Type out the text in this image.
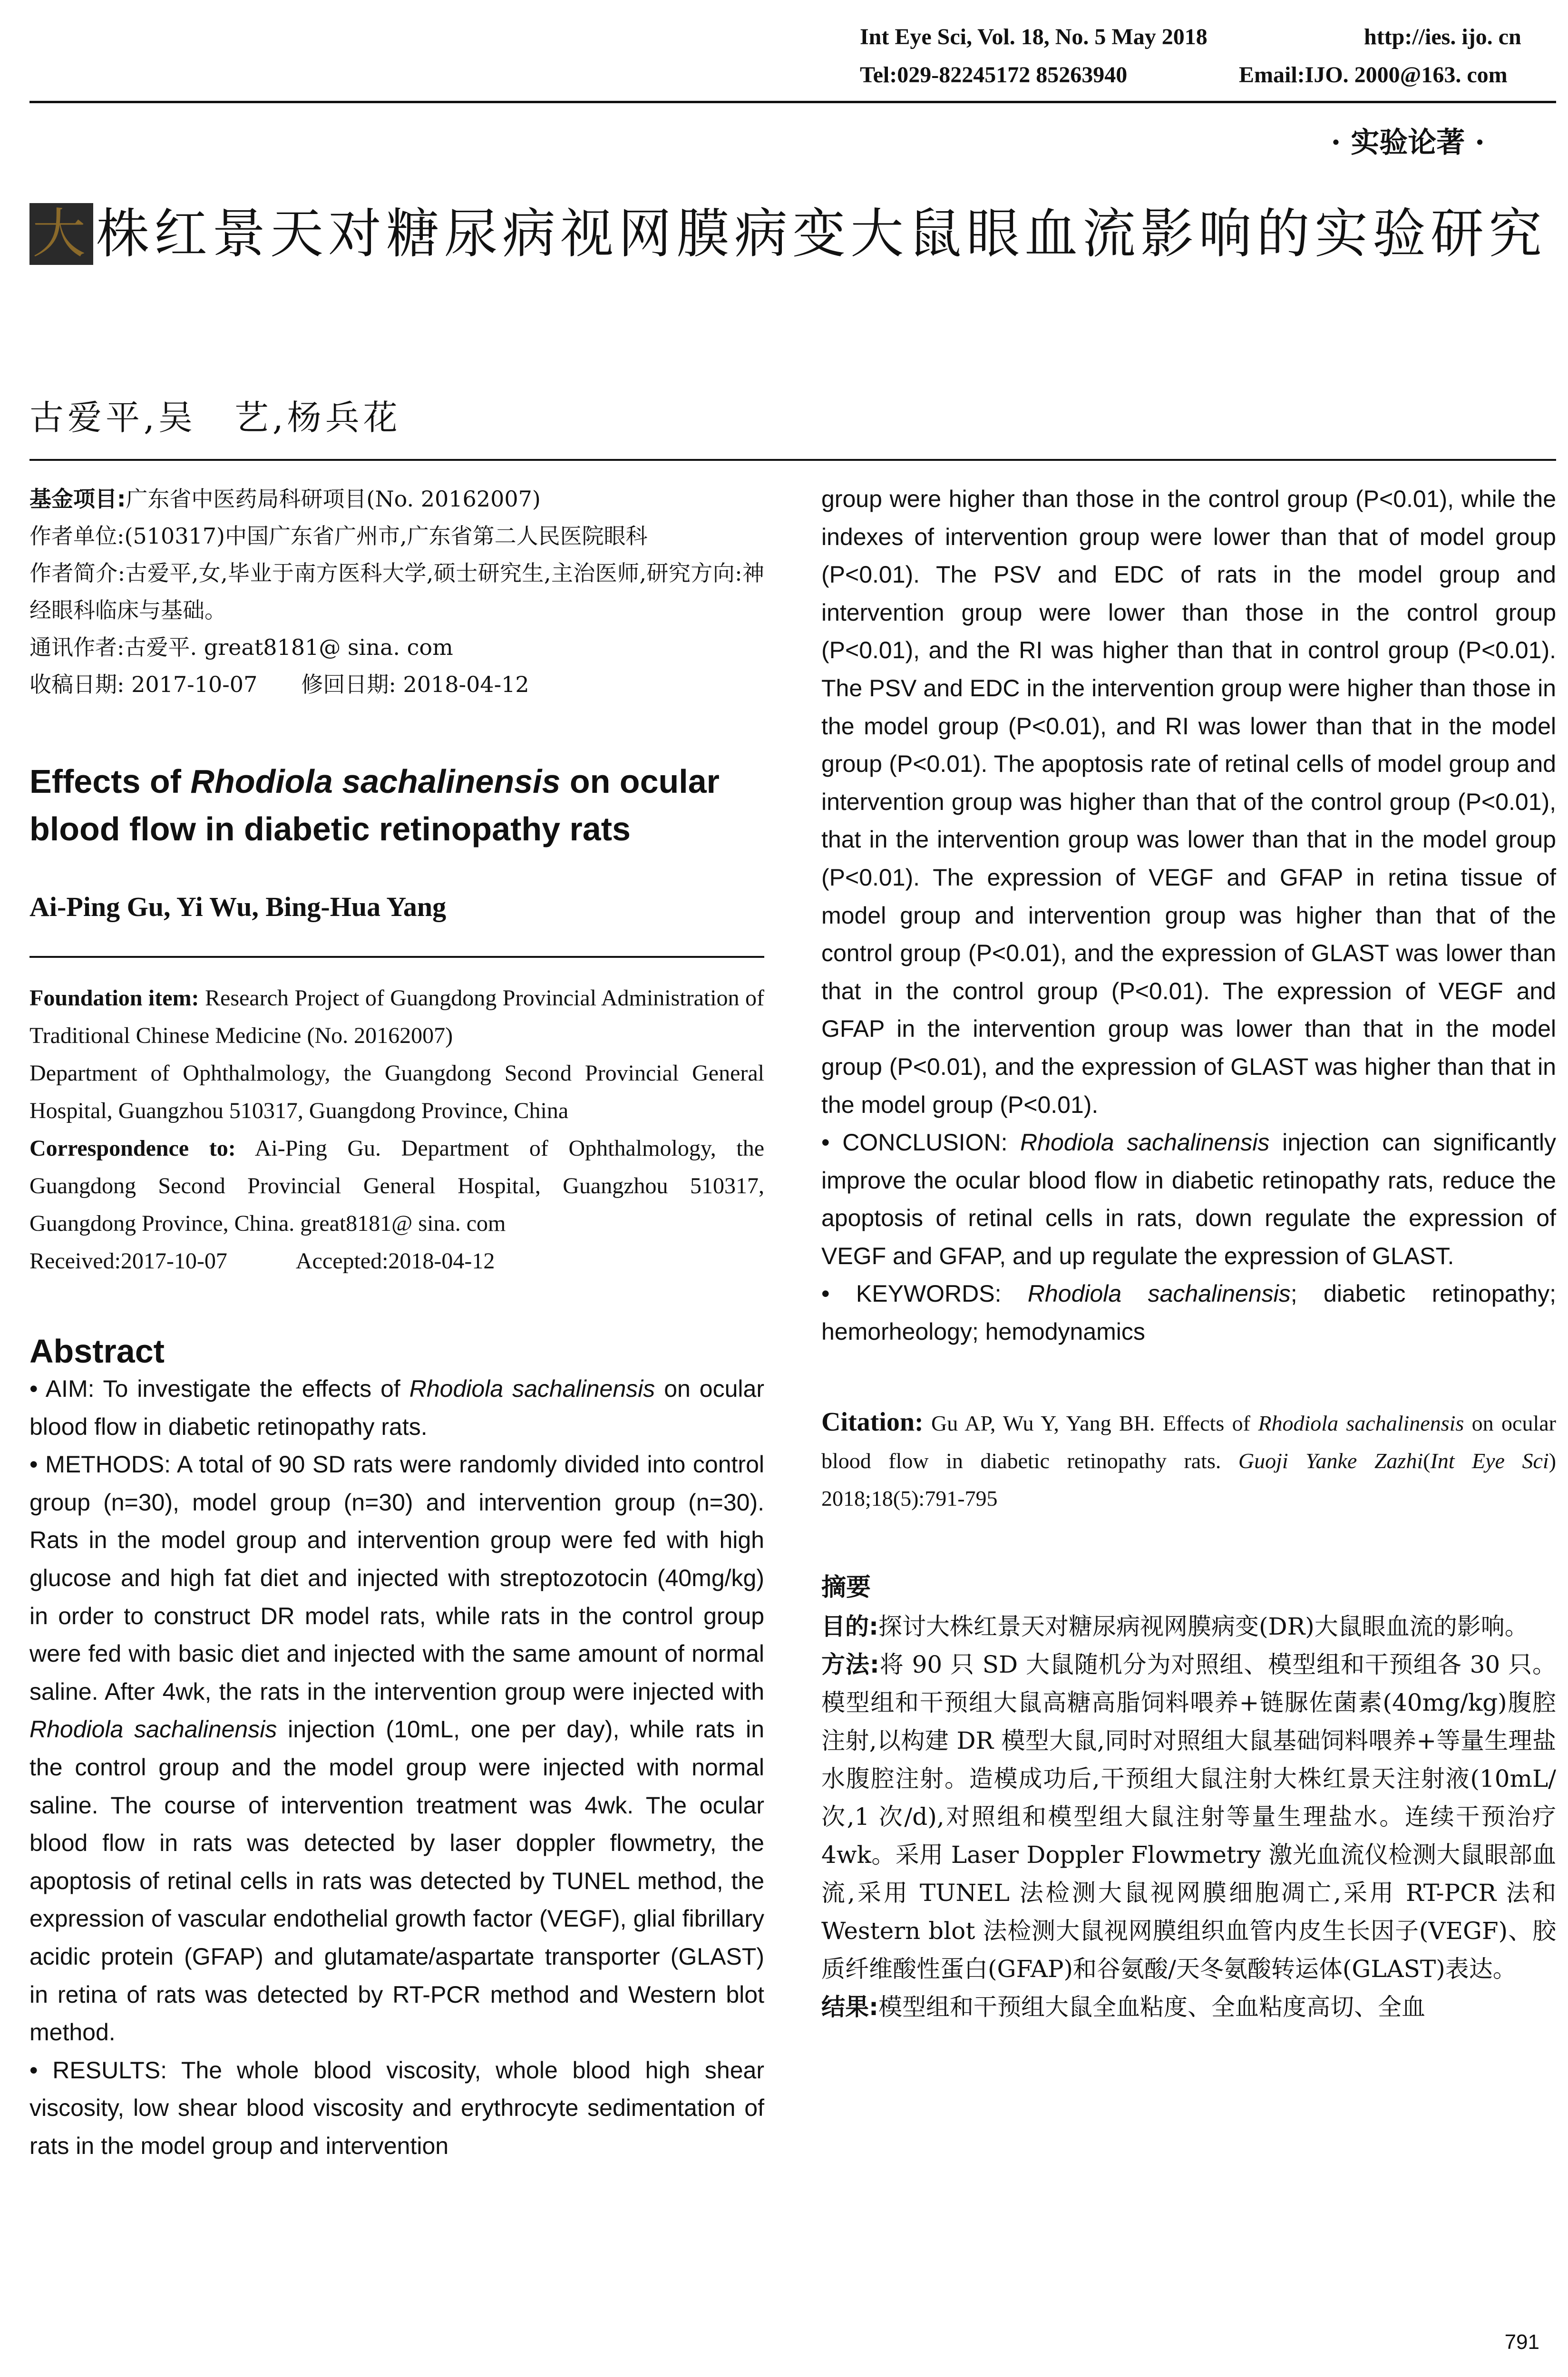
Int Eye Sci, Vol. 18, No. 5 May 2018	http://ies. ijo. cn
Tel:029-82245172 85263940	Email:IJO. 2000@163. com
· 实验论著 ·
大 株红景天对糖尿病视网膜病变大鼠眼血流影响的实验研究
古爱平,吴　艺,杨兵花

基金项目:广东省中医药局科研项目(No. 20162007)

作者单位:(510317)中国广东省广州市,广东省第二人民医院眼科

作者简介:古爱平,女,毕业于南方医科大学,硕士研究生,主治医师,研究方向:神经眼科临床与基础。

通讯作者:古爱平. great8181@ sina. com

收稿日期: 2017-10-07　　修回日期: 2018-04-12

Effects of Rhodiola sachalinensis on ocular blood flow in diabetic retinopathy rats
Ai-Ping Gu, Yi Wu, Bing-Hua Yang

Foundation item: Research Project of Guangdong Provincial Administration of Traditional Chinese Medicine (No. 20162007)

Department of Ophthalmology, the Guangdong Second Provincial General Hospital, Guangzhou 510317, Guangdong Province, China

Correspondence to: Ai-Ping Gu. Department of Ophthalmology, the Guangdong Second Provincial General Hospital, Guangzhou 510317, Guangdong Province, China. great8181@ sina. com

Received:2017-10-07　　　Accepted:2018-04-12

Abstract

• AIM: To investigate the effects of Rhodiola sachalinensis on ocular blood flow in diabetic retinopathy rats.

• METHODS: A total of 90 SD rats were randomly divided into control group (n=30), model group (n=30) and intervention group (n=30). Rats in the model group and intervention group were fed with high glucose and high fat diet and injected with streptozotocin (40mg/kg) in order to construct DR model rats, while rats in the control group were fed with basic diet and injected with the same amount of normal saline. After 4wk, the rats in the intervention group were injected with Rhodiola sachalinensis injection (10mL, one per day), while rats in the control group and the model group were injected with normal saline. The course of intervention treatment was 4wk. The ocular blood flow in rats was detected by laser doppler flowmetry, the apoptosis of retinal cells in rats was detected by TUNEL method, the expression of vascular endothelial growth factor (VEGF), glial fibrillary acidic protein (GFAP) and glutamate/aspartate transporter (GLAST) in retina of rats was detected by RT-PCR method and Western blot method.

• RESULTS: The whole blood viscosity, whole blood high shear viscosity, low shear blood viscosity and erythrocyte sedimentation of rats in the model group and intervention

group were higher than those in the control group (P<0.01), while the indexes of intervention group were lower than that of model group (P<0.01). The PSV and EDC of rats in the model group and intervention group were lower than those in the control group (P<0.01), and the RI was higher than that in control group (P<0.01). The PSV and EDC in the intervention group were higher than those in the model group (P<0.01), and RI was lower than that in the model group (P<0.01). The apoptosis rate of retinal cells of model group and intervention group was higher than that of the control group (P<0.01), that in the intervention group was lower than that in the model group (P<0.01). The expression of VEGF and GFAP in retina tissue of model group and intervention group was higher than that of the control group (P<0.01), and the expression of GLAST was lower than that in the control group (P<0.01). The expression of VEGF and GFAP in the intervention group was lower than that in the model group (P<0.01), and the expression of GLAST was higher than that in the model group (P<0.01).

• CONCLUSION: Rhodiola sachalinensis injection can significantly improve the ocular blood flow in diabetic retinopathy rats, reduce the apoptosis of retinal cells in rats, down regulate the expression of VEGF and GFAP, and up regulate the expression of GLAST.

• KEYWORDS: Rhodiola sachalinensis; diabetic retinopathy; hemorheology; hemodynamics

Citation: Gu AP, Wu Y, Yang BH. Effects of Rhodiola sachalinensis on ocular blood flow in diabetic retinopathy rats. Guoji Yanke Zazhi(Int Eye Sci) 2018;18(5):791-795

摘要

目的:探讨大株红景天对糖尿病视网膜病变(DR)大鼠眼血流的影响。

方法:将 90 只 SD 大鼠随机分为对照组、模型组和干预组各 30 只。模型组和干预组大鼠高糖高脂饲料喂养+链脲佐菌素(40mg/kg)腹腔注射,以构建 DR 模型大鼠,同时对照组大鼠基础饲料喂养+等量生理盐水腹腔注射。造模成功后,干预组大鼠注射大株红景天注射液(10mL/次,1 次/d),对照组和模型组大鼠注射等量生理盐水。连续干预治疗 4wk。采用 Laser Doppler Flowmetry 激光血流仪检测大鼠眼部血流,采用 TUNEL 法检测大鼠视网膜细胞凋亡,采用 RT-PCR 法和 Western blot 法检测大鼠视网膜组织血管内皮生长因子(VEGF)、胶质纤维酸性蛋白(GFAP)和谷氨酸/天冬氨酸转运体(GLAST)表达。

结果:模型组和干预组大鼠全血粘度、全血粘度高切、全血

791
